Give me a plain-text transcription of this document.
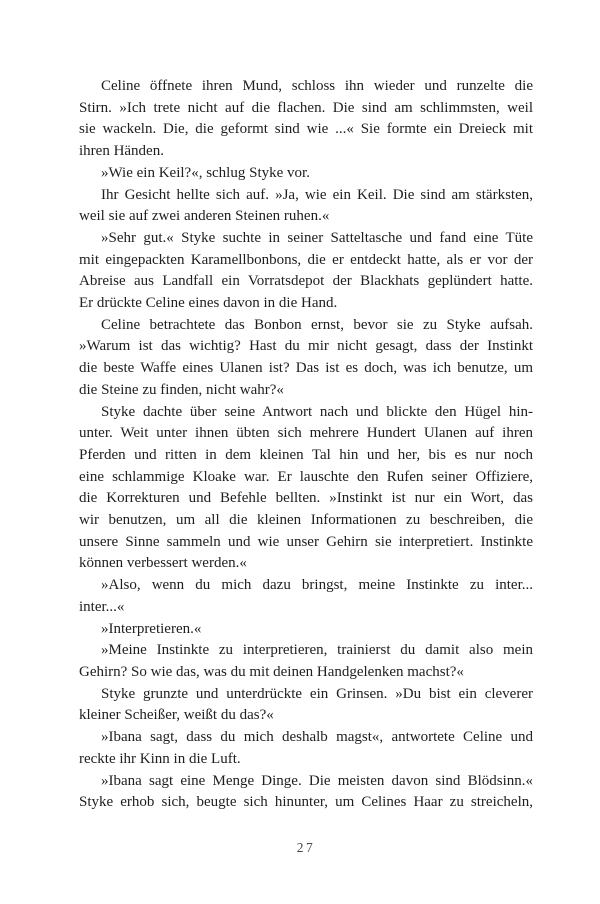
Celine öffnete ihren Mund, schloss ihn wieder und runzelte die
Stirn. »Ich trete nicht auf die flachen. Die sind am schlimmsten, weil
sie wackeln. Die, die geformt sind wie ...« Sie formte ein Dreieck mit
ihren Händen.

»Wie ein Keil?«, schlug Styke vor.

Ihr Gesicht hellte sich auf. »Ja, wie ein Keil. Die sind am stärksten,
weil sie auf zwei anderen Steinen ruhen.«

»Sehr gut.« Styke suchte in seiner Satteltasche und fand eine Tüte
mit eingepackten Karamellbonbons, die er entdeckt hatte, als er vor der
Abreise aus Landfall ein Vorratsdepot der Blackhats geplündert hatte.
Er drückte Celine eines davon in die Hand.

Celine betrachtete das Bonbon ernst, bevor sie zu Styke aufsah.
»Warum ist das wichtig? Hast du mir nicht gesagt, dass der Instinkt
die beste Waffe eines Ulanen ist? Das ist es doch, was ich benutze, um
die Steine zu finden, nicht wahr?«

Styke dachte über seine Antwort nach und blickte den Hügel hin-
unter. Weit unter ihnen übten sich mehrere Hundert Ulanen auf ihren
Pferden und ritten in dem kleinen Tal hin und her, bis es nur noch
eine schlammige Kloake war. Er lauschte den Rufen seiner Offiziere,
die Korrekturen und Befehle bellten. »Instinkt ist nur ein Wort, das
wir benutzen, um all die kleinen Informationen zu beschreiben, die
unsere Sinne sammeln und wie unser Gehirn sie interpretiert. Instinkte
können verbessert werden.«

»Also, wenn du mich dazu bringst, meine Instinkte zu inter...
inter...«

»Interpretieren.«

»Meine Instinkte zu interpretieren, trainierst du damit also mein
Gehirn? So wie das, was du mit deinen Handgelenken machst?«

Styke grunzte und unterdrückte ein Grinsen. »Du bist ein cleverer
kleiner Scheißer, weißt du das?«

»Ibana sagt, dass du mich deshalb magst«, antwortete Celine und
reckte ihr Kinn in die Luft.

»Ibana sagt eine Menge Dinge. Die meisten davon sind Blödsinn.«
Styke erhob sich, beugte sich hinunter, um Celines Haar zu streicheln,

27
